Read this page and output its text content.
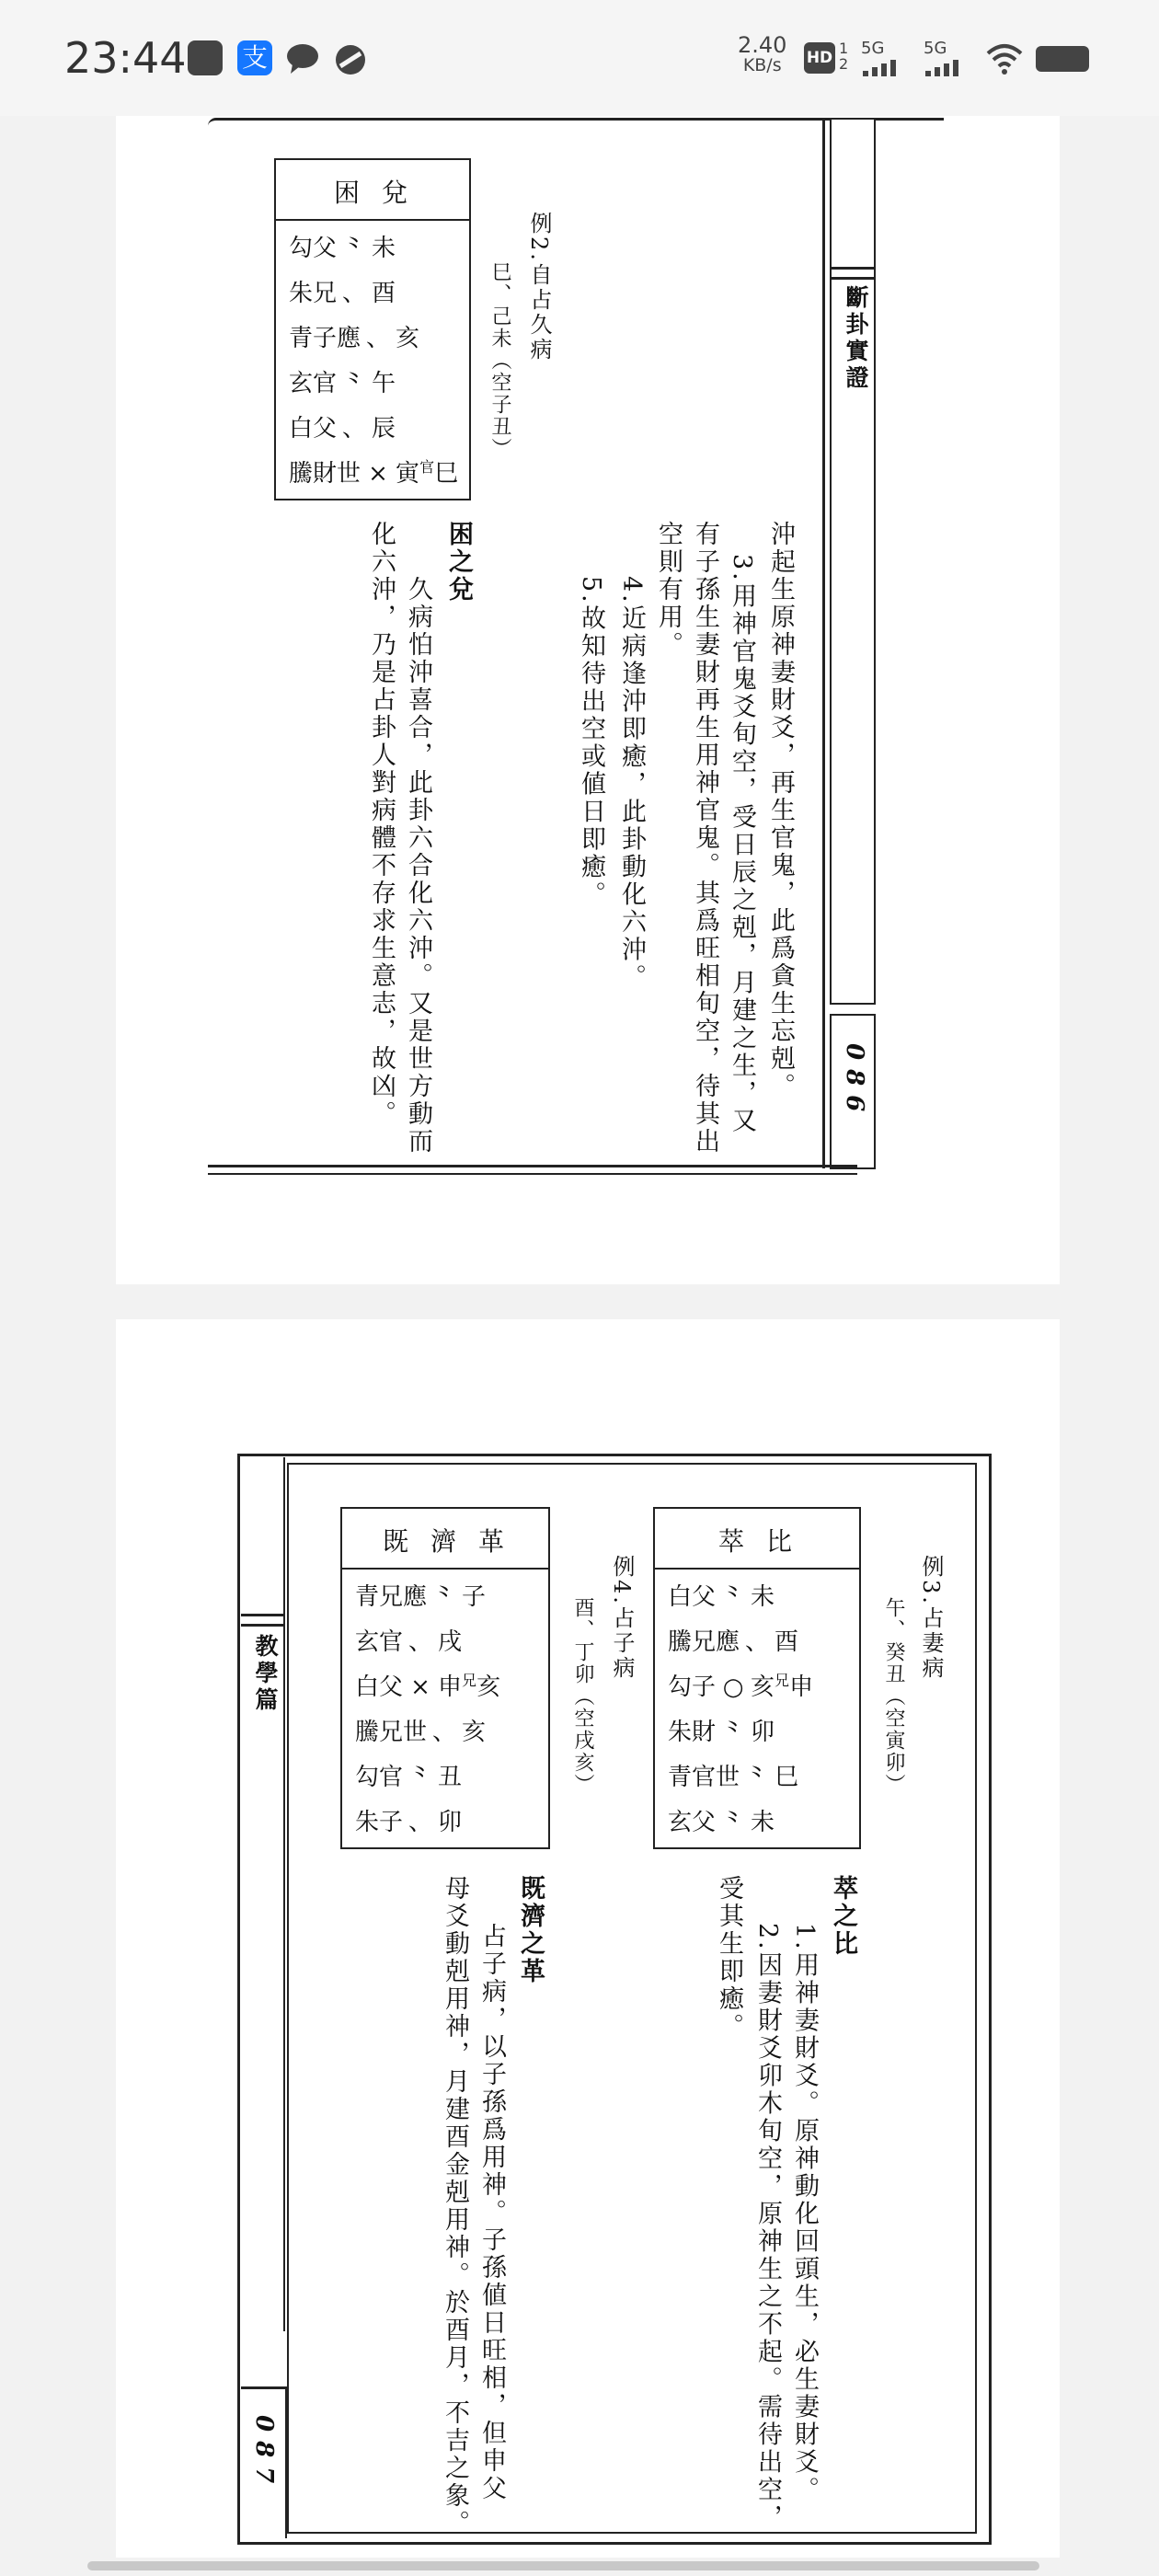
23:44 支	2.40
KB/s	HD
1
2
5G	5G
斷卦實證
086
困兌
勾父 ⺀ 未
朱兄 、 酉
青子應 、 亥
玄官 ⺀ 午
白父 、 辰
騰財世 × 寅$^官$巳
例2.自占久病
巳、己未（空子丑）
沖起生原神妻財爻，再生官鬼，此爲貪生忘剋。
3.用神官鬼爻旬空，受日辰之剋，月建之生，又
有子孫生妻財再生用神官鬼。其爲旺相旬空，待其出
空則有用。
4.近病逢沖即癒，此卦動化六沖。
5.故知待出空或値日即癒。
困之兌
久病怕沖喜合，此卦六合化六沖。又是世方動而
化六沖，乃是占卦人對病體不存求生意志，故凶。
教學篇
087
例3.占妻病
午、癸丑（空寅卯）
萃比
白父 ⺀ 未
騰兄應 、 酉
勾子 ○ 亥$^兄$申
朱財 ⺀ 卯
青官世 ⺀ 巳
玄父 ⺀ 未
萃之比
1.用神妻財爻。原神動化回頭生，必生妻財爻。
2.因妻財爻卯木旬空，原神生之不起。需待出空，
受其生即癒。
例4.占子病
酉、丁卯（空戌亥）
既濟革
青兄應 ⺀ 子
玄官 、 戌
白父 × 申$^兄$亥
騰兄世 、 亥
勾官 ⺀ 丑
朱子 、 卯
既濟之革
占子病，以子孫爲用神。子孫値日旺相，但申父
母爻動剋用神，月建酉金剋用神。於酉月，不吉之象。
